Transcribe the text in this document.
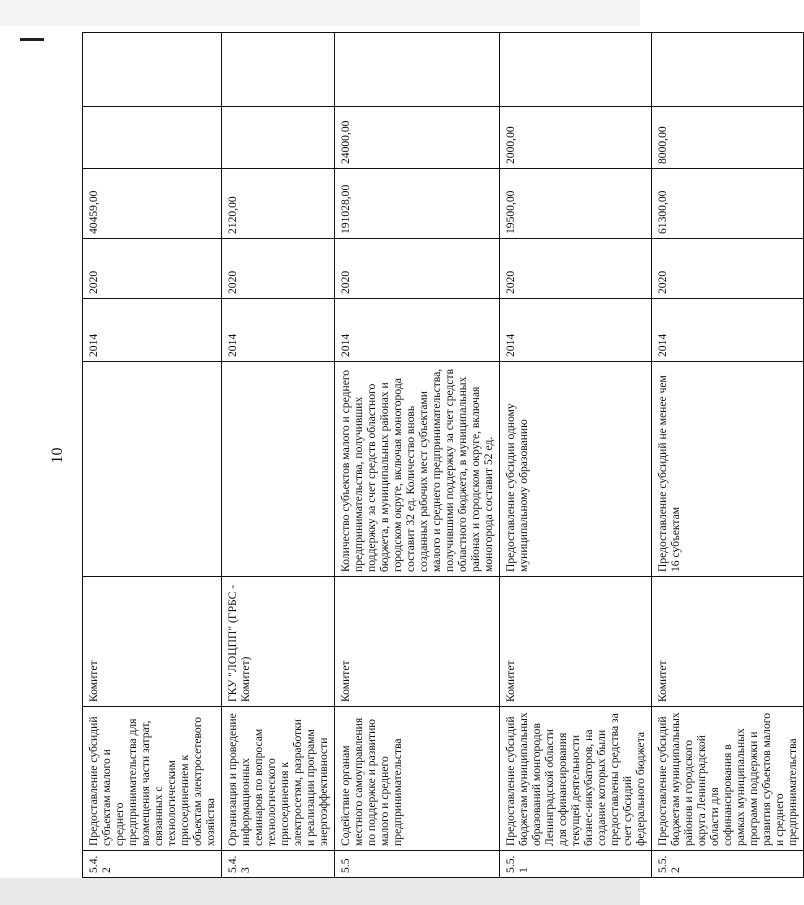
10
5.4.2	Предоставление субсидий субъектам малого и среднего предпринимательства для возмещения части затрат, связанных с технологическим присоединением к объектам электросетевого хозяйства	Комитет		2014	2020	40459,00		
5.4.3	Организация и проведение информационных семинаров по вопросам технологического присоединения к электросетям, разработки и реализации программ энергоэффективности	ГКУ "ЛОЦПП" (ГРБС - Комитет)		2014	2020	2120,00		
5.5	Содействие органам местного самоуправления по поддержке и развитию малого и среднего предпринимательства	Комитет	Количество субъектов малого и среднего предпринимательства, получивших поддержку за счет средств областного бюджета, в муниципальных районах и городском округе, включая моногорода составит 32 ед. Количество вновь созданных рабочих мест субъектами малого и среднего предпринимательства, получившими поддержку за счет средств областного бюджета, в муниципальных районах и городском округе, включая моногорода составит 52 ед.	2014	2020	191028,00	24000,00	
5.5.1	Предоставление субсидий бюджетам муниципальных образований монгородов Ленинградской области для софинансирования текущей деятельности бизнес-инкубаторов, на создание которых были предоставлены средства за счет субсидий федерального бюджета	Комитет	Предоставление субсидии одному муниципальному образованию	2014	2020	19500,00	2000,00	
5.5.2	Предоставление субсидий бюджетам муниципальных районов и городского округа Ленинградской области для софинансирования в рамках муниципальных программ поддержки и развития субъектов малого и среднего предпринимательства	Комитет	Предоставление субсидий не менее чем 16 субъектам	2014	2020	61300,00	8000,00	
